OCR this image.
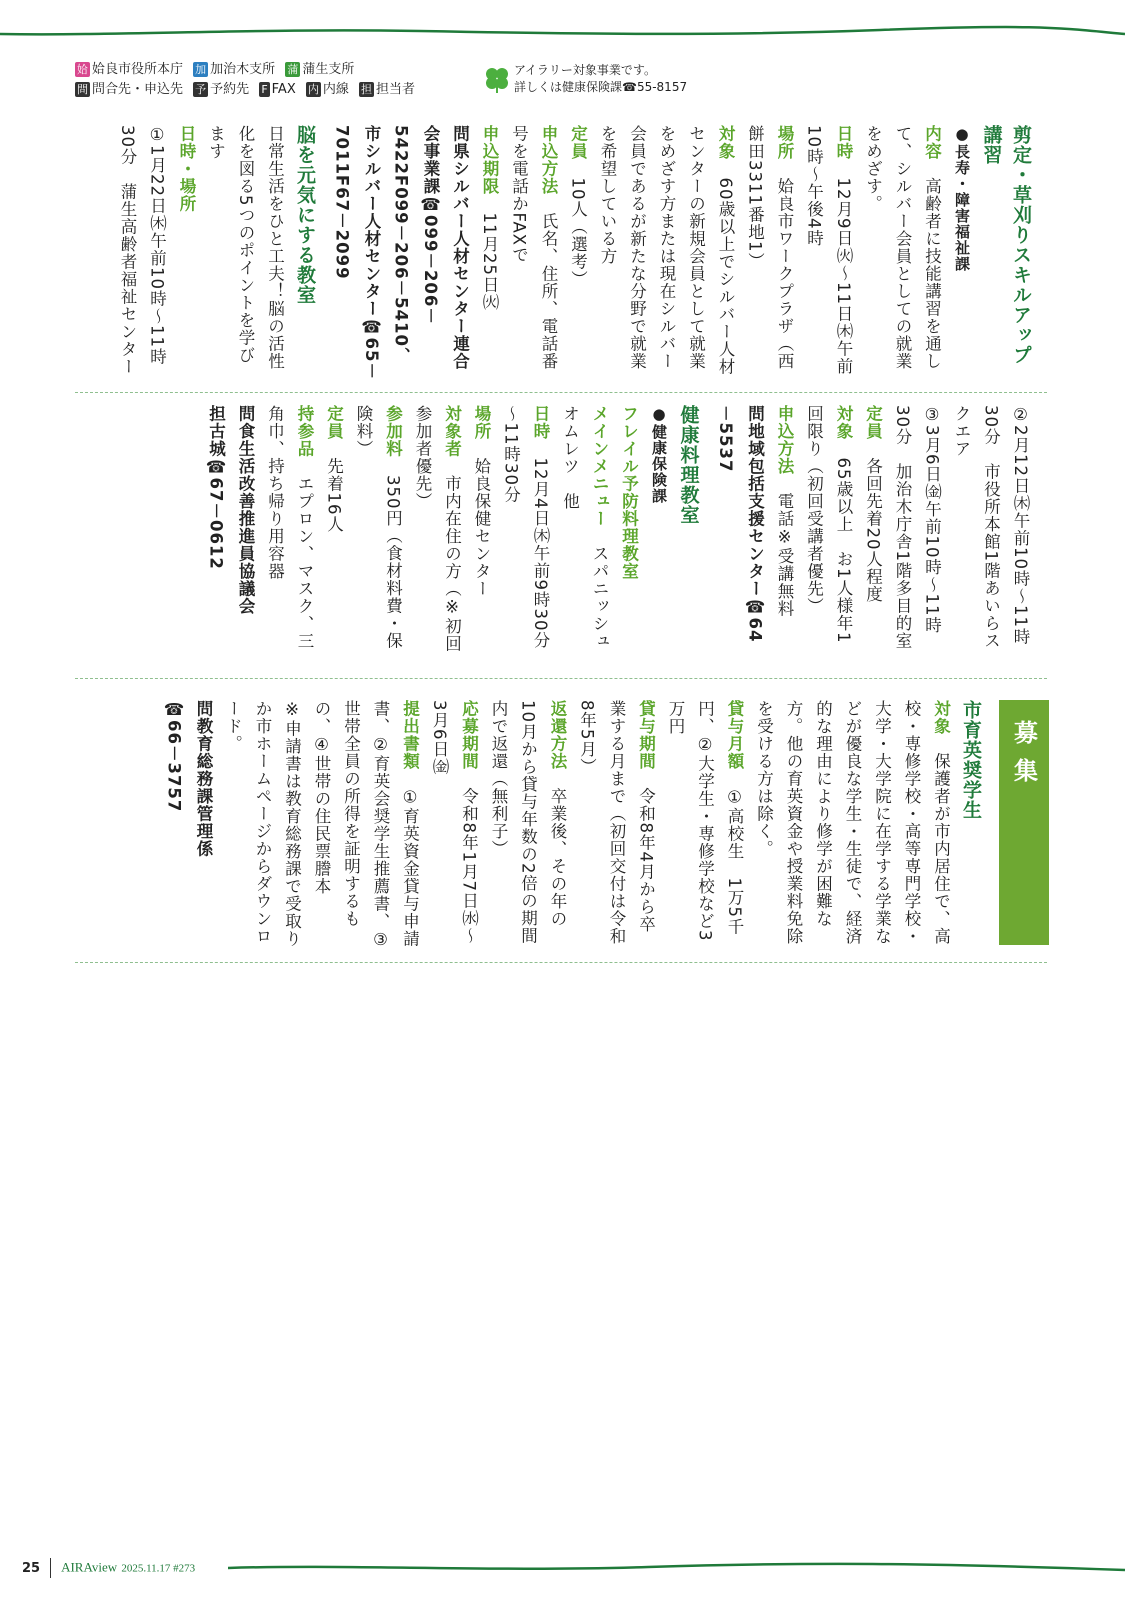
姶 姶良市役所本庁 加 加治木支所 蒲 蒲生支所
問 問合先・申込先 予 予約先 F FAX 内 内線 担 担当者
アイラリー対象事業です。
詳しくは健康保険課☎55-8157

剪定・草刈りスキルアップ講習

●長寿・障害福祉課

内容　高齢者に技能講習を通して、シルバー会員としての就業をめざす。

日時　12月9日㈫～11日㈭午前10時～午後4時

場所　姶良市ワークプラザ（西餅田3311番地1）

対象　60歳以上でシルバー人材センターの新規会員として就業をめざす方または現在シルバー会員であるが新たな分野で就業を希望している方

定員　10人（選考）

申込方法　氏名、住所、電話番号を電話かFAXで

申込期限　11月25日㈫

問県シルバー人材センター連合会事業課☎099－206－5422F099－206－5410、市シルバー人材センター☎65－7011F67－2099

脳を元気にする教室

日常生活をひと工夫！脳の活性化を図る5つのポイントを学びます

日時・場所

①1月22日㈭午前10時～11時30分　蒲生高齢者福祉センター

②2月12日㈭午前10時～11時30分　市役所本館1階あいらスクエア

③3月6日㈮午前10時～11時30分　加治木庁舎1階多目的室

定員　各回先着20人程度

対象　65歳以上　お1人様年1回限り（初回受講者優先）

申込方法　電話※受講無料

問地域包括支援センター☎64－5537

健康料理教室

●健康保険課

フレイル予防料理教室

メインメニュー　スパニッシュオムレツ　他

日時　12月4日㈭午前9時30分～11時30分

場所　姶良保健センター

対象者　市内在住の方（※初回参加者優先）

参加料　350円（食材料費・保険料）

定員　先着16人

持参品　エプロン、マスク、三角巾、持ち帰り用容器

問食生活改善推進員協議会

担古城☎67－0612

募集

市育英奨学生

対象　保護者が市内居住で、高校・専修学校・高等専門学校・大学・大学院に在学する学業などが優良な学生・生徒で、経済的な理由により修学が困難な方。他の育英資金や授業料免除を受ける方は除く。

貸与月額　①高校生　1万5千円、②大学生・専修学校など3万円

貸与期間　令和8年4月から卒業する月まで（初回交付は令和8年5月）

返還方法　卒業後、その年の10月から貸与年数の2倍の期間内で返還（無利子）

応募期間　令和8年1月7日㈬～3月6日㈮

提出書類　①育英資金貸与申請書、②育英会奨学生推薦書、③世帯全員の所得を証明するもの、④世帯の住民票謄本

※申請書は教育総務課で受取りか市ホームページからダウンロード。

問教育総務課管理係

☎66－3757

25 AIRAview 2025.11.17 #273
